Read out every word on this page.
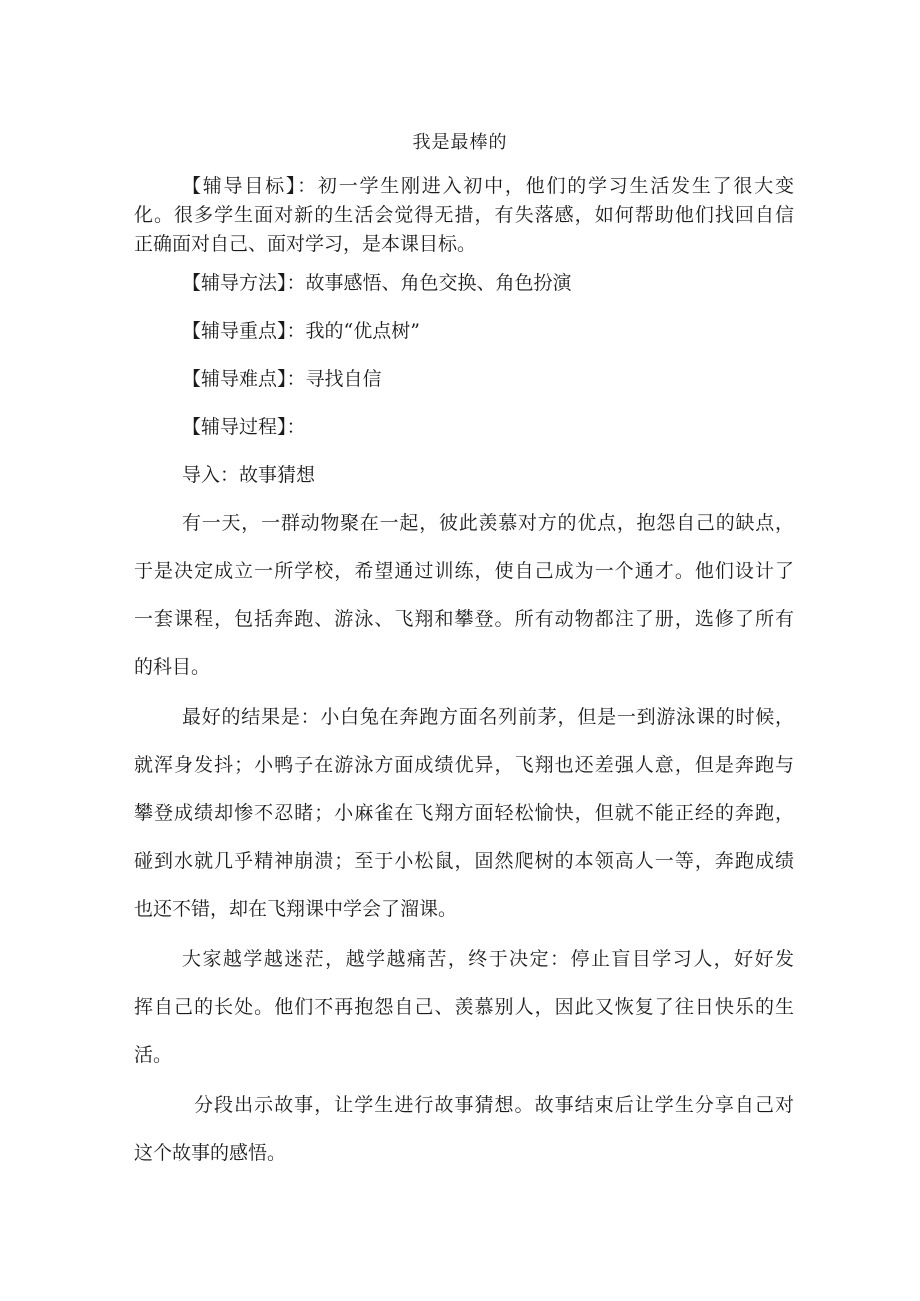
我是最棒的
【辅导目标】：初一学生刚进入初中，他们的学习生活发生了很大变
化。很多学生面对新的生活会觉得无措，有失落感，如何帮助他们找回自信
正确面对自己、面对学习，是本课目标。
【辅导方法】：故事感悟、角色交换、角色扮演
【辅导重点】：我的“优点树”
【辅导难点】：寻找自信
【辅导过程】：
导入：故事猜想
有一天，一群动物聚在一起，彼此羡慕对方的优点，抱怨自己的缺点，
于是决定成立一所学校，希望通过训练，使自己成为一个通才。他们设计了
一套课程，包括奔跑、游泳、飞翔和攀登。所有动物都注了册，选修了所有
的科目。
最好的结果是：小白兔在奔跑方面名列前茅，但是一到游泳课的时候，
就浑身发抖；小鸭子在游泳方面成绩优异，飞翔也还差强人意，但是奔跑与
攀登成绩却惨不忍睹；小麻雀在飞翔方面轻松愉快，但就不能正经的奔跑，
碰到水就几乎精神崩溃；至于小松鼠，固然爬树的本领高人一等，奔跑成绩
也还不错，却在飞翔课中学会了溜课。
大家越学越迷茫，越学越痛苦，终于决定：停止盲目学习人，好好发
挥自己的长处。他们不再抱怨自己、羡慕别人，因此又恢复了往日快乐的生
活。
分段出示故事，让学生进行故事猜想。故事结束后让学生分享自己对
这个故事的感悟。
